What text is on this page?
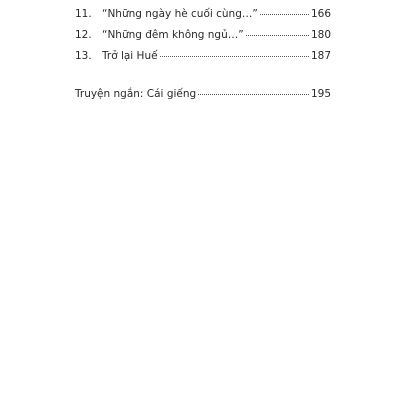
11. “Những ngày hè cuối cùng…”	166
12. “Những đêm không ngủ…”	180
13. Trở lại Huế	187
Truyện ngắn: Cái giếng	195
